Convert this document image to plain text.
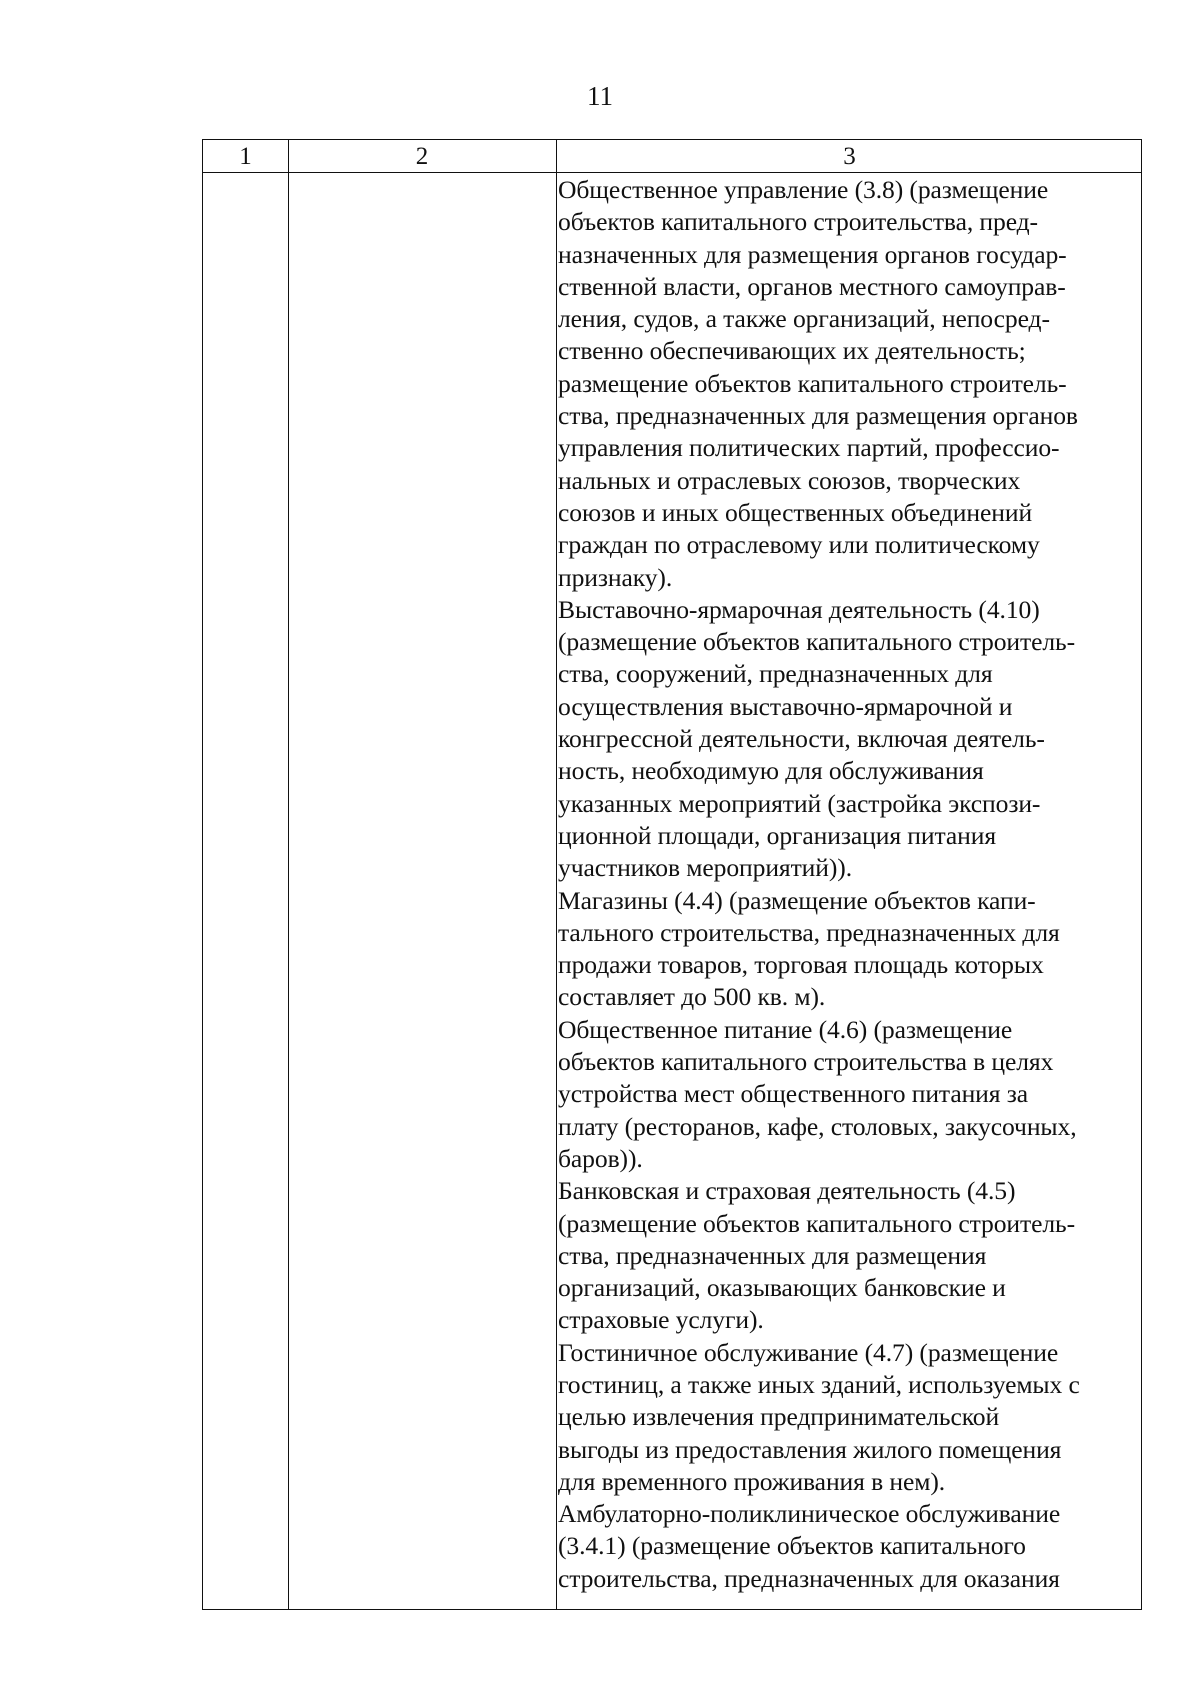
11
1	2	3
Общественное управление (3.8) (размещение
объектов капитального строительства, пред-
назначенных для размещения органов государ-
ственной власти, органов местного самоуправ-
ления, судов, а также организаций, непосред-
ственно обеспечивающих их деятельность;
размещение объектов капитального строитель-
ства, предназначенных для размещения органов
управления политических партий, профессио-
нальных и отраслевых союзов, творческих
союзов и иных общественных объединений
граждан по отраслевому или политическому
признаку).
Выставочно-ярмарочная деятельность (4.10)
(размещение объектов капитального строитель-
ства, сооружений, предназначенных для
осуществления выставочно-ярмарочной и
конгрессной деятельности, включая деятель-
ность, необходимую для обслуживания
указанных мероприятий (застройка экспози-
ционной площади, организация питания
участников мероприятий)).
Магазины (4.4) (размещение объектов капи-
тального строительства, предназначенных для
продажи товаров, торговая площадь которых
составляет до 500 кв. м).
Общественное питание (4.6) (размещение
объектов капитального строительства в целях
устройства мест общественного питания за
плату (ресторанов, кафе, столовых, закусочных,
баров)).
Банковская и страховая деятельность (4.5)
(размещение объектов капитального строитель-
ства, предназначенных для размещения
организаций, оказывающих банковские и
страховые услуги).
Гостиничное обслуживание (4.7) (размещение
гостиниц, а также иных зданий, используемых с
целью извлечения предпринимательской
выгоды из предоставления жилого помещения
для временного проживания в нем).
Амбулаторно-поликлиническое обслуживание
(3.4.1) (размещение объектов капитального
строительства, предназначенных для оказания
